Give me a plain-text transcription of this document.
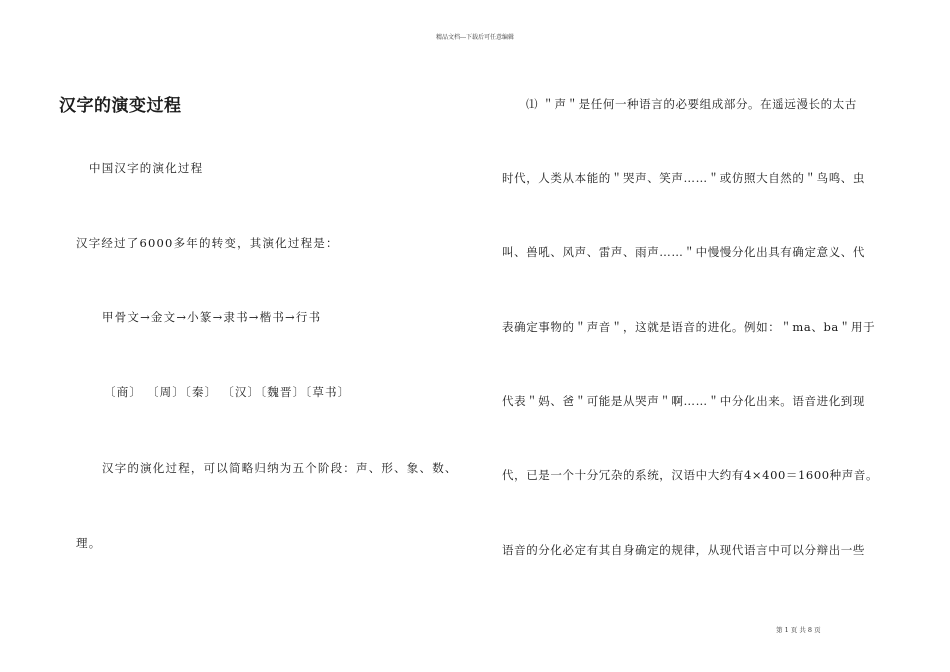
精品文档---下载后可任意编辑
汉字的演变过程
中国汉字的演化过程
汉字经过了6000多年的转变，其演化过程是：
甲骨文→金文→小篆→隶书→楷书→行书
〔商〕 〔周〕〔秦〕 〔汉〕〔魏晋〕〔草书〕
汉字的演化过程，可以简略归纳为五个阶段：声、形、象、数、
理。
⑴ ＂声＂是任何一种语言的必要组成部分。在遥远漫长的太古
时代，人类从本能的＂哭声、笑声……＂或仿照大自然的＂鸟鸣、虫
叫、兽吼、风声、雷声、雨声……＂中慢慢分化出具有确定意义、代
表确定事物的＂声音＂，这就是语音的进化。例如：＂ma、ba＂用于
代表＂妈、爸＂可能是从哭声＂啊……＂中分化出来。语音进化到现
代，已是一个十分冗杂的系统，汉语中大约有4×400＝1600种声音。
语音的分化必定有其自身确定的规律，从现代语言中可以分辩出一些
第 1 页 共 8 页
